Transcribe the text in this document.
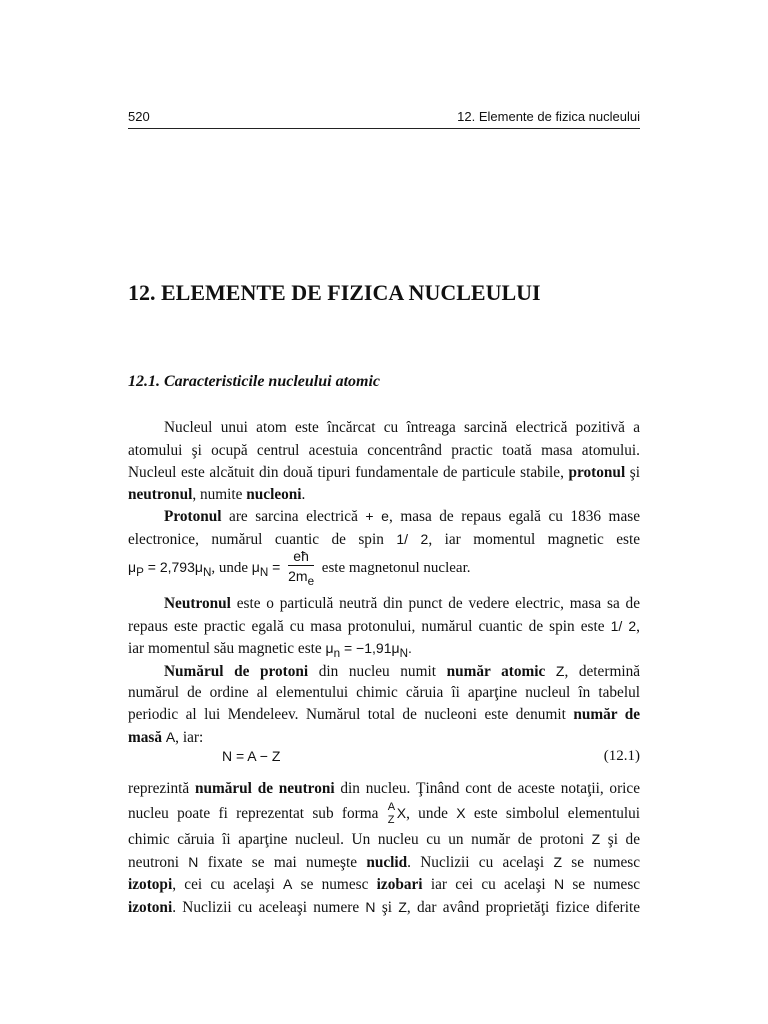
520	12. Elemente de fizica nucleului
12. ELEMENTE DE FIZICA NUCLEULUI
12.1. Caracteristicile nucleului atomic
Nucleul unui atom este încărcat cu întreaga sarcină electrică pozitivă a
atomului şi ocupă centrul acestuia concentrând practic toată masa atomului.
Nucleul este alcătuit din două tipuri fundamentale de particule stabile, protonul şi
neutronul, numite nucleoni.
Protonul are sarcina electrică + e, masa de repaus egală cu 1836 mase
electronice, numărul cuantic de spin 1/ 2, iar momentul magnetic este
$\mu_P = 2,793\mu_N$, unde $\mu_N = \frac{eħ}{2m_e}$ este magnetonul nuclear.
Neutronul este o particulă neutră din punct de vedere electric, masa sa de
repaus este practic egală cu masa protonului, numărul cuantic de spin este 1/ 2,
iar momentul său magnetic este $\mu_n = -1,91\mu_N$.
Numărul de protoni din nucleu numit număr atomic Z, determină
numărul de ordine al elementului chimic căruia îi aparţine nucleul în tabelul
periodic al lui Mendeleev. Numărul total de nucleoni este denumit număr de
masă A, iar:
N = A − Z	(12.1)
reprezintă numărul de neutroni din nucleu. Ţinând cont de aceste notaţii, orice
nucleu poate fi reprezentat sub forma A
Z X, unde X este simbolul elementului
chimic căruia îi aparţine nucleul. Un nucleu cu un număr de protoni Z şi de
neutroni N fixate se mai numeşte nuclid. Nuclizii cu acelaşi Z se numesc
izotopi, cei cu acelaşi A se numesc izobari iar cei cu acelaşi N se numesc
izotoni. Nuclizii cu aceleaşi numere N şi Z, dar având proprietăţi fizice diferite
